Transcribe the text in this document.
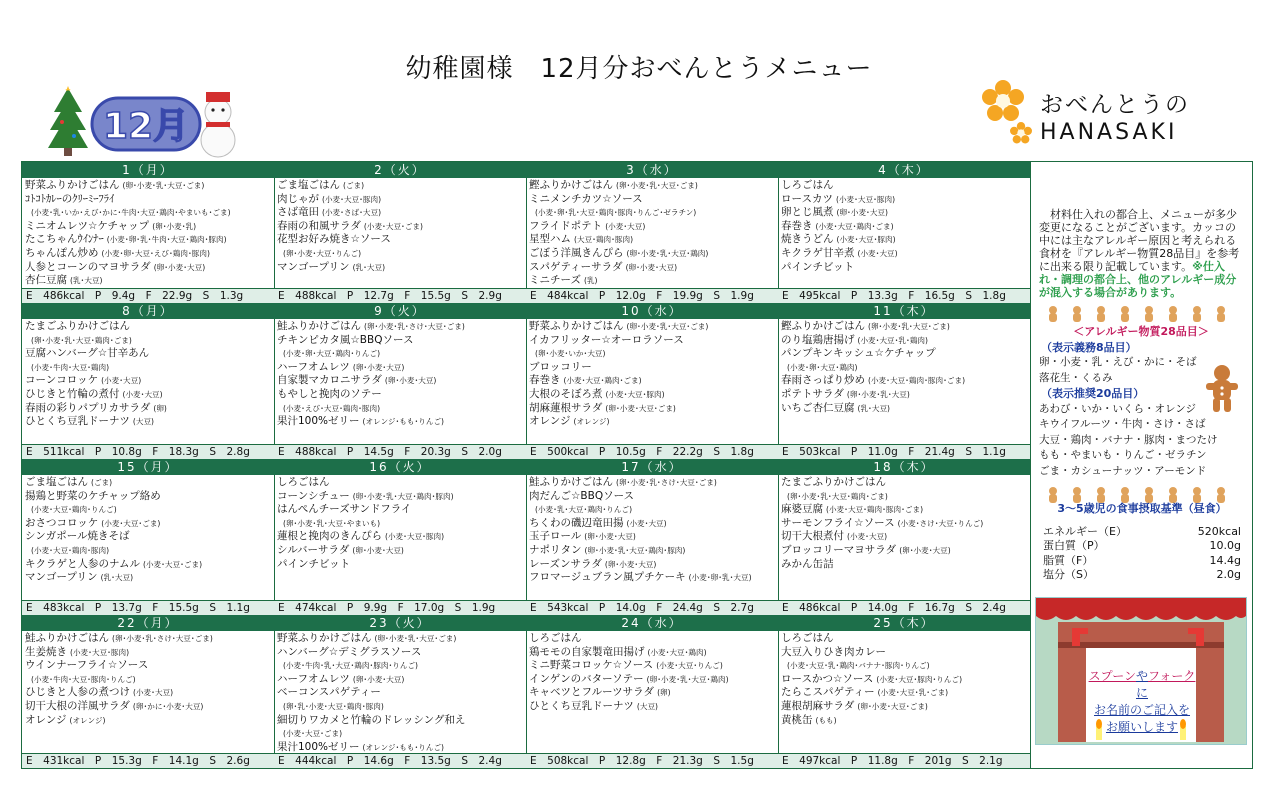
幼稚園様　12月分おべんとうメニュー
12月
おべんとうの
HANASAKI
1（月）
野菜ふりかけごはん (卵･小麦･乳･大豆･ごま)
ｺﾄｺﾄｶﾚｰのｸﾘｰﾐｰﾌﾗｲ
(小麦･乳･いか･えび･かに･牛肉･大豆･鶏肉･やまいも･ごま)
ミニオムレツ☆ケチャップ (卵･小麦･乳)
たこちゃんｳｲﾝﾅｰ (小麦･卵･乳･牛肉･大豆･鶏肉･豚肉)
ちゃんぽん炒め (小麦･卵･大豆･えび･鶏肉･豚肉)
人参とコーンのマヨサラダ (卵･小麦･大豆)
杏仁豆腐 (乳･大豆)
E　486kcal　P　9.4g　F　22.9g　S　1.3g
2（火）
ごま塩ごはん (ごま)
肉じゃが (小麦･大豆･豚肉)
さば竜田 (小麦･さば･大豆)
春雨の和風サラダ (小麦･大豆･ごま)
花型お好み焼き☆ソース
(卵･小麦･大豆･りんご)
マンゴープリン (乳･大豆)
E　488kcal　P　12.7g　F　15.5g　S　2.9g
3（水）
鰹ふりかけごはん (卵･小麦･乳･大豆･ごま)
ミニメンチカツ☆ソース
(小麦･卵･乳･大豆･鶏肉･豚肉･りんご･ゼラチン)
フライドポテト (小麦･大豆)
星型ハム (大豆･鶏肉･豚肉)
ごぼう洋風きんぴら (卵･小麦･乳･大豆･鶏肉)
スパゲティーサラダ (卵･小麦･大豆)
ミニチーズ (乳)
E　484kcal　P　12.0g　F　19.9g　S　1.9g
4（木）
しろごはん
ロースカツ (小麦･大豆･豚肉)
卵とじ風煮 (卵･小麦･大豆)
春巻き (小麦･大豆･鶏肉･ごま)
焼きうどん (小麦･大豆･豚肉)
キクラゲ甘辛煮 (小麦･大豆)
パインチビット
E　495kcal　P　13.3g　F　16.5g　S　1.8g
8（月）
たまごふりかけごはん
(卵･小麦･乳･大豆･鶏肉･ごま)
豆腐ハンバーグ☆甘辛あん
(小麦･牛肉･大豆･鶏肉)
コーンコロッケ (小麦･大豆)
ひじきと竹輪の煮付 (小麦･大豆)
春雨の彩りパプリカサラダ (卵)
ひとくち豆乳ドーナツ (大豆)
E　511kcal　P　10.8g　F　18.3g　S　2.8g
9（火）
鮭ふりかけごはん (卵･小麦･乳･さけ･大豆･ごま)
チキンピカタ風☆BBQソース
(小麦･卵･大豆･鶏肉･りんご)
ハーフオムレツ (卵･小麦･大豆)
自家製マカロニサラダ (卵･小麦･大豆)
もやしと挽肉のソテー
(小麦･えび･大豆･鶏肉･豚肉)
果汁100%ゼリー (オレンジ･もも･りんご)
E　488kcal　P　14.5g　F　20.3g　S　2.0g
10（水）
野菜ふりかけごはん (卵･小麦･乳･大豆･ごま)
イカフリッター☆オーロラソース
(卵･小麦･いか･大豆)
ブロッコリー
春巻き (小麦･大豆･鶏肉･ごま)
大根のそぼろ煮 (小麦･大豆･豚肉)
胡麻蓮根サラダ (卵･小麦･大豆･ごま)
オレンジ (オレンジ)
E　500kcal　P　10.5g　F　22.2g　S　1.8g
11（木）
鰹ふりかけごはん (卵･小麦･乳･大豆･ごま)
のり塩鶏唐揚げ (小麦･大豆･乳･鶏肉)
パンプキンキッシュ☆ケチャップ
(小麦･卵･大豆･鶏肉)
春雨さっぱり炒め (小麦･大豆･鶏肉･豚肉･ごま)
ポテトサラダ (卵･小麦･乳･大豆)
いちご杏仁豆腐 (乳･大豆)
E　503kcal　P　11.0g　F　21.4g　S　1.1g
15（月）
ごま塩ごはん (ごま)
揚鶏と野菜のケチャップ絡め
(小麦･大豆･鶏肉･りんご)
おさつコロッケ (小麦･大豆･ごま)
シンガポール焼きそば
(小麦･大豆･鶏肉･豚肉)
キクラゲと人参のナムル (小麦･大豆･ごま)
マンゴープリン (乳･大豆)
E　483kcal　P　13.7g　F　15.5g　S　1.1g
16（火）
しろごはん
コーンシチュー (卵･小麦･乳･大豆･鶏肉･豚肉)
はんぺんチーズサンドフライ
(卵･小麦･乳･大豆･やまいも)
蓮根と挽肉のきんぴら (小麦･大豆･豚肉)
シルバーサラダ (卵･小麦･大豆)
パインチビット
E　474kcal　P　9.9g　F　17.0g　S　1.9g
17（水）
鮭ふりかけごはん (卵･小麦･乳･さけ･大豆･ごま)
肉だんご☆BBQソース
(小麦･乳･大豆･鶏肉･りんご)
ちくわの磯辺竜田揚 (小麦･大豆)
玉子ロール (卵･小麦･大豆)
ナポリタン (卵･小麦･乳･大豆･鶏肉･豚肉)
レーズンサラダ (卵･小麦･大豆)
フロマージュブラン風プチケーキ (小麦･卵･乳･大豆)
E　543kcal　P　14.0g　F　24.4g　S　2.7g
18（木）
たまごふりかけごはん
(卵･小麦･乳･大豆･鶏肉･ごま)
麻婆豆腐 (小麦･大豆･鶏肉･豚肉･ごま)
サーモンフライ☆ソース (小麦･さけ･大豆･りんご)
切干大根煮付 (小麦･大豆)
ブロッコリーマヨサラダ (卵･小麦･大豆)
みかん缶詰
E　486kcal　P　14.0g　F　16.7g　S　2.4g
22（月）
鮭ふりかけごはん (卵･小麦･乳･さけ･大豆･ごま)
生姜焼き (小麦･大豆･豚肉)
ウインナーフライ☆ソース
(小麦･牛肉･大豆･豚肉･りんご)
ひじきと人参の煮つけ (小麦･大豆)
切干大根の洋風サラダ (卵･かに･小麦･大豆)
オレンジ (オレンジ)
E　431kcal　P　15.3g　F　14.1g　S　2.6g
23（火）
野菜ふりかけごはん (卵･小麦･乳･大豆･ごま)
ハンバーグ☆デミグラスソース
(小麦･牛肉･乳･大豆･鶏肉･豚肉･りんご)
ハーフオムレツ (卵･小麦･大豆)
ベーコンスパゲティー
(卵･乳･小麦･大豆･鶏肉･豚肉)
細切りワカメと竹輪のドレッシング和え
(小麦･大豆･ごま)
果汁100%ゼリー (オレンジ･もも･りんご)
E　444kcal　P　14.6g　F　13.5g　S　2.4g
24（水）
しろごはん
鶏モモの自家製竜田揚げ (小麦･大豆･鶏肉)
ミニ野菜コロッケ☆ソース (小麦･大豆･りんご)
インゲンのバターソテー (卵･小麦･乳･大豆･鶏肉)
キャベツとフルーツサラダ (卵)
ひとくち豆乳ドーナツ (大豆)
E　508kcal　P　12.8g　F　21.3g　S　1.5g
25（木）
しろごはん
大豆入りひき肉カレー
(小麦･大豆･乳･鶏肉･バナナ･豚肉･りんご)
ロースかつ☆ソース (小麦･大豆･豚肉･りんご)
たらこスパゲティー (小麦･大豆･乳･ごま)
蓮根胡麻サラダ (卵･小麦･大豆･ごま)
黄桃缶 (もも)
E　497kcal　P　11.8g　F　201g　S　2.1g
　材料仕入れの都合上、メニューが多少変更になることがございます。カッコの中には主なアレルギー原因と考えられる食材を『アレルギー物質28品目』を参考に出来る限り記載しています。※仕入れ・調理の都合上、他のアレルギー成分が混入する場合があります。
＜アレルギー物質28品目＞
（表示義務8品目）
卵・小麦・乳・えび・かに・そば
落花生・くるみ
（表示推奨20品目）
あわび・いか・いくら・オレンジ
キウイフルーツ・牛肉・さけ・さば
大豆・鶏肉・バナナ・豚肉・まつたけ
もも・やまいも・りんご・ゼラチン
ごま・カシューナッツ・アーモンド
3～5歳児の食事摂取基準（昼食）
エネルギー（E）	520kcal
蛋白質（P）	10.0g
脂質（F）	14.4g
塩分（S）	2.0g
スプーンやフォーク
に
お名前のご記入を
お願いします
